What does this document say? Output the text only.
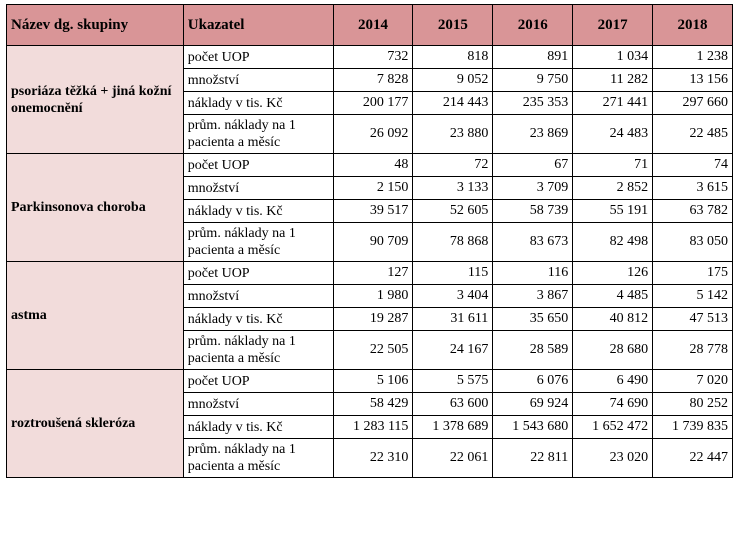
Název dg. skupiny	Ukazatel	2014	2015	2016	2017	2018
psoriáza těžká + jiná kožní onemocnění	počet UOP	732	818	891	1 034	1 238
	množství	7 828	9 052	9 750	11 282	13 156
	náklady v tis. Kč	200 177	214 443	235 353	271 441	297 660
	prům. náklady na 1 pacienta a měsíc	26 092	23 880	23 869	24 483	22 485
Parkinsonova choroba	počet UOP	48	72	67	71	74
	množství	2 150	3 133	3 709	2 852	3 615
	náklady v tis. Kč	39 517	52 605	58 739	55 191	63 782
	prům. náklady na 1 pacienta a měsíc	90 709	78 868	83 673	82 498	83 050
astma	počet UOP	127	115	116	126	175
	množství	1 980	3 404	3 867	4 485	5 142
	náklady v tis. Kč	19 287	31 611	35 650	40 812	47 513
	prům. náklady na 1 pacienta a měsíc	22 505	24 167	28 589	28 680	28 778
roztroušená skleróza	počet UOP	5 106	5 575	6 076	6 490	7 020
	množství	58 429	63 600	69 924	74 690	80 252
	náklady v tis. Kč	1 283 115	1 378 689	1 543 680	1 652 472	1 739 835
	prům. náklady na 1 pacienta a měsíc	22 310	22 061	22 811	23 020	22 447
